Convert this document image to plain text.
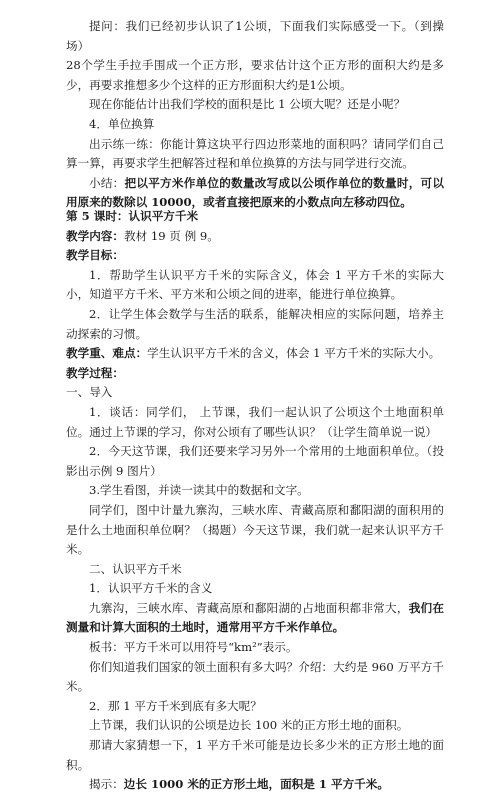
提问：我们已经初步认识了1公顷，下面我们实际感受一下。（到操场）
28个学生手拉手围成一个正方形，要求估计这个正方形的面积大约是多少，再要求推想多少个这样的正方形面积大约是1公顷。

现在你能估计出我们学校的面积是比 1 公顷大呢？还是小呢？

4．单位换算

出示练一练：你能计算这块平行四边形菜地的面积吗？请同学们自己算一算，再要求学生把解答过程和单位换算的方法与同学进行交流。

小结：把以平方米作单位的数量改写成以公顷作单位的数量时，可以用原来的数除以 10000，或者直接把原来的小数点向左移动四位。

第 5 课时：认识平方千米

教学内容：教材 19 页 例 9。

教学目标：

1．帮助学生认识平方千米的实际含义，体会 1 平方千米的实际大小，知道平方千米、平方米和公顷之间的进率，能进行单位换算。

2．让学生体会数学与生活的联系，能解决相应的实际问题，培养主动探索的习惯。

教学重、难点：学生认识平方千米的含义，体会 1 平方千米的实际大小。

教学过程：

一、导入

1．谈话：同学们， 上节课，我们一起认识了公顷这个土地面积单位。通过上节课的学习，你对公顷有了哪些认识？（让学生简单说一说）

2．今天这节课，我们还要来学习另外一个常用的土地面积单位。（投影出示例 9 图片）

3.学生看图，并读一读其中的数据和文字。

同学们，图中计量九寨沟，三峡水库、青藏高原和鄱阳湖的面积用的是什么土地面积单位啊？（揭题）今天这节课，我们就一起来认识平方千米。

二、认识平方千米

1．认识平方千米的含义

九寨沟，三峡水库、青藏高原和鄱阳湖的占地面积都非常大，我们在测量和计算大面积的土地时，通常用平方千米作单位。

板书：平方千米可以用符号“km²”表示。

你们知道我们国家的领土面积有多大吗？介绍：大约是 960 万平方千米。

2．那 1 平方千米到底有多大呢？

上节课，我们认识的公顷是边长 100 米的正方形土地的面积。

那请大家猜想一下，1 平方千米可能是边长多少米的正方形土地的面积。

揭示：边长 1000 米的正方形土地，面积是 1 平方千米。
